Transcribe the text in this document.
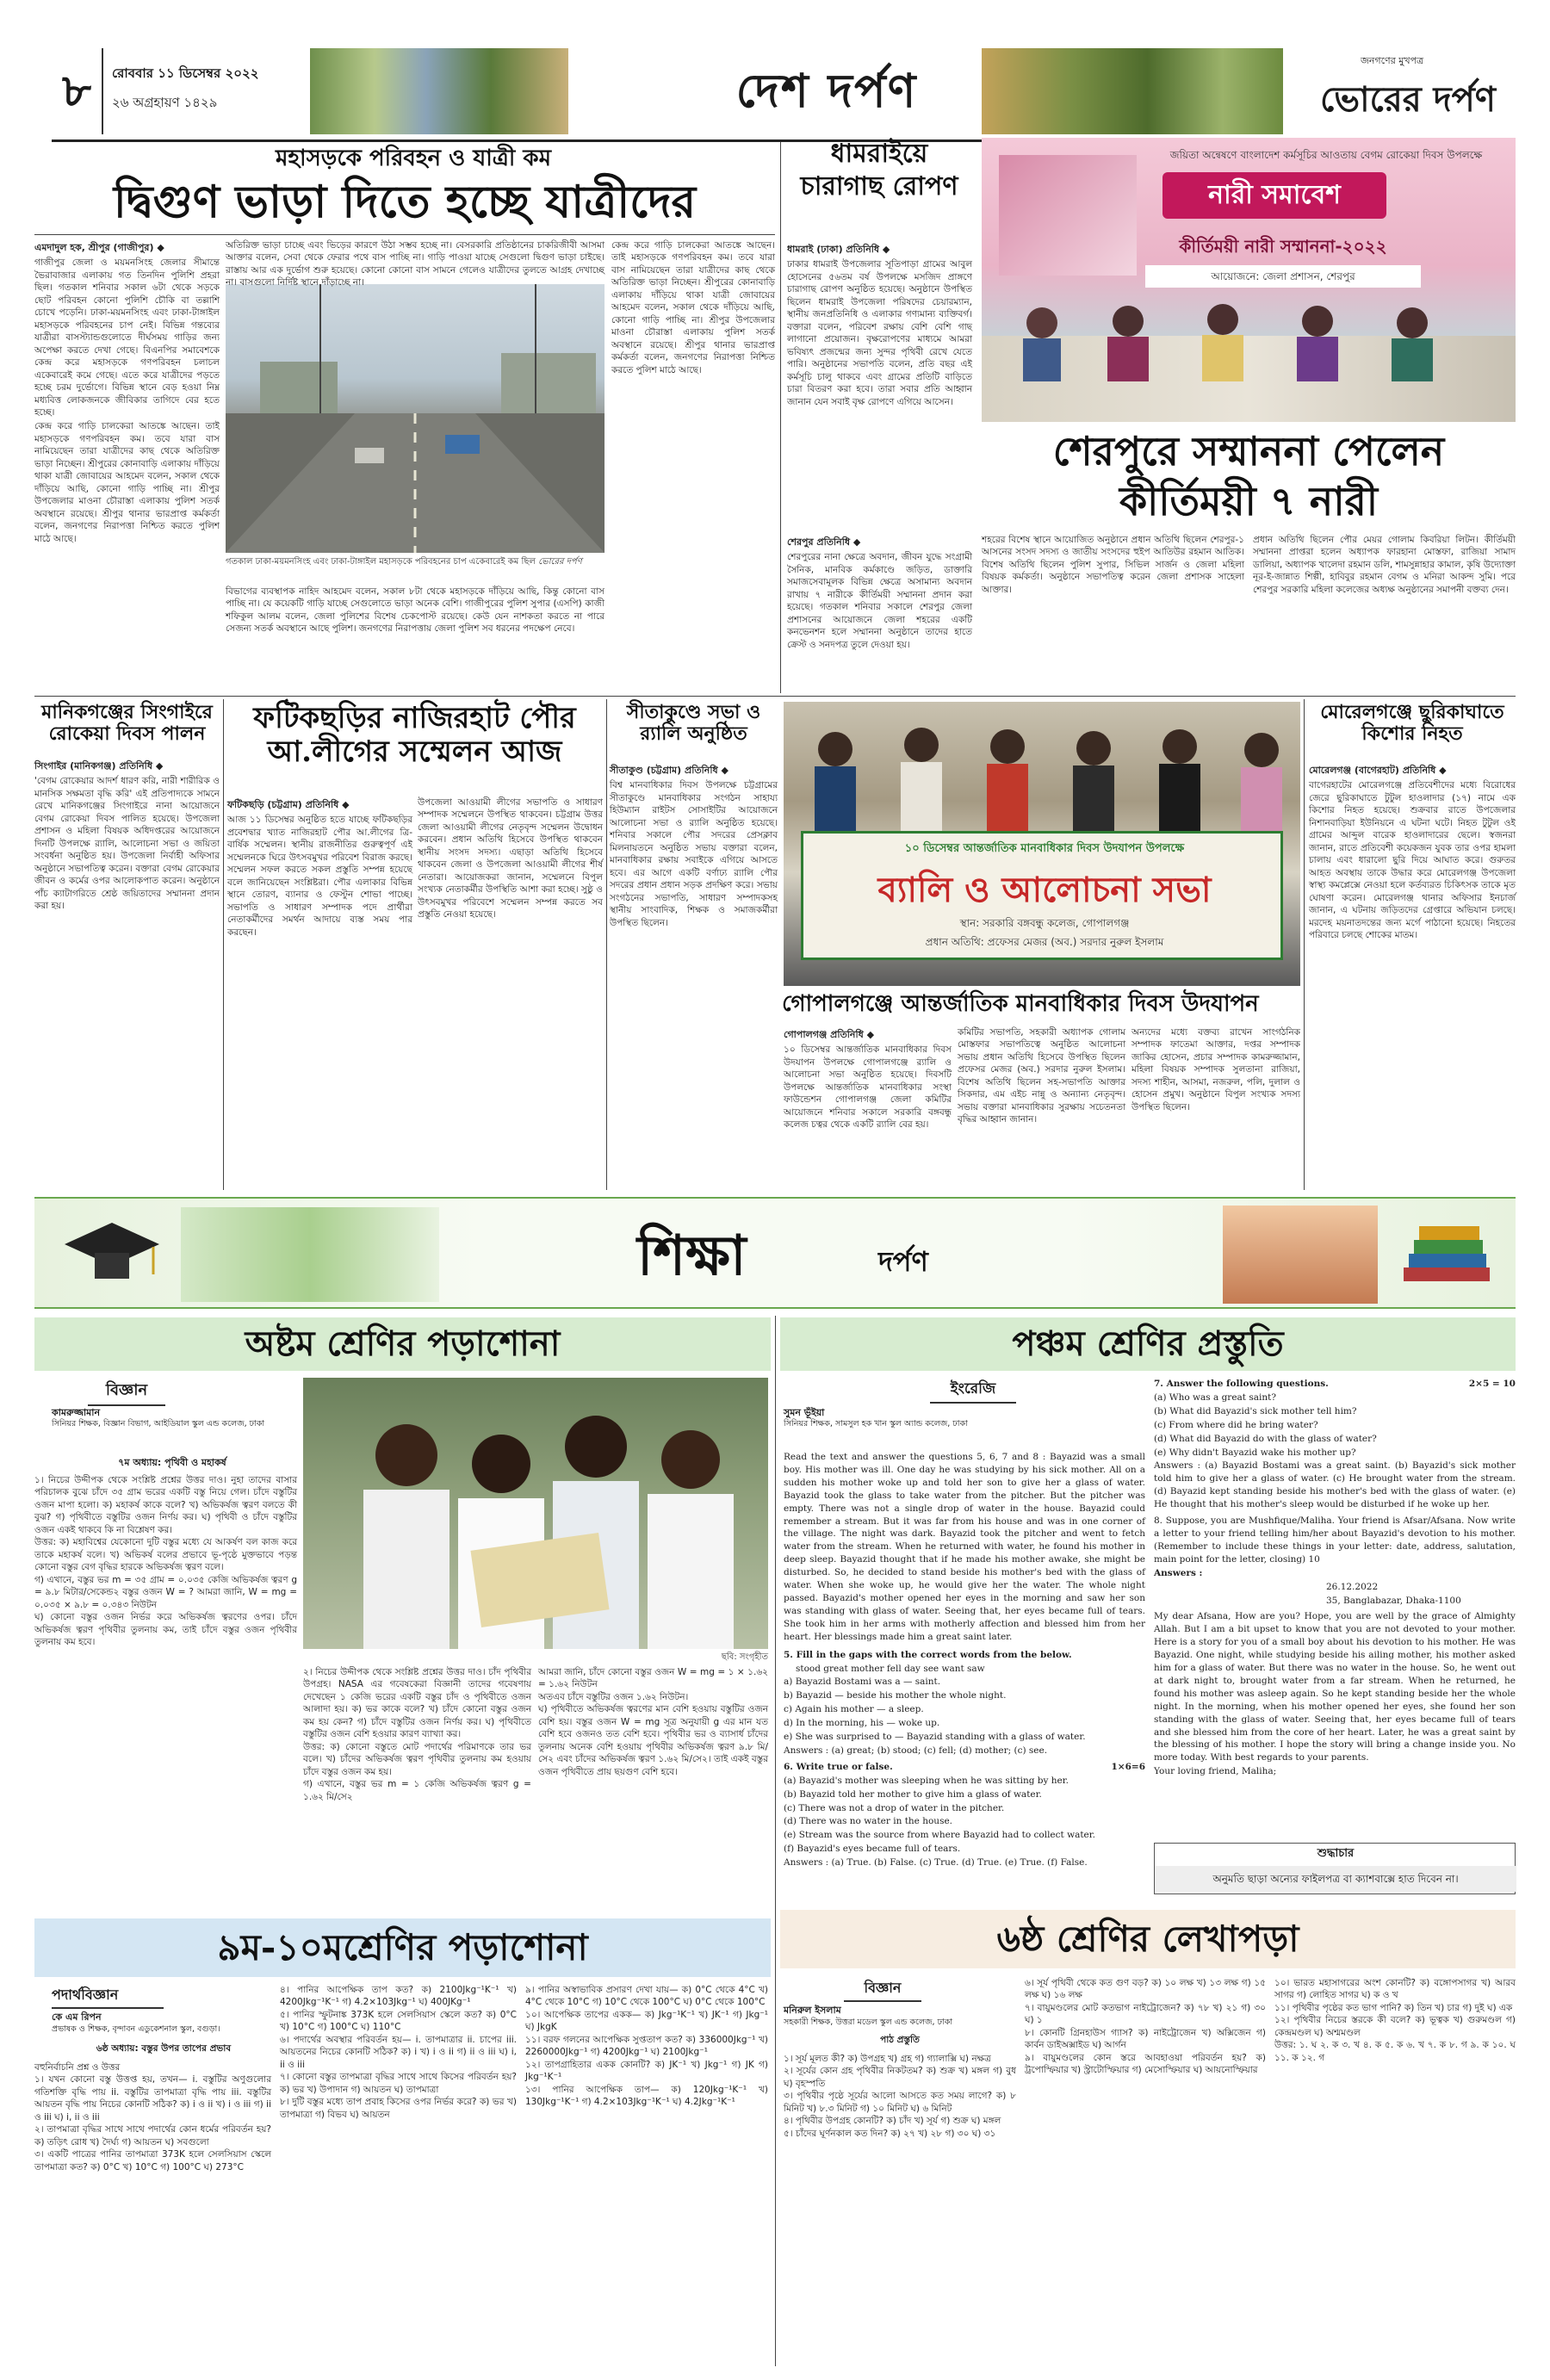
৮	রোববার ১১ ডিসেম্বর ২০২২
২৬ অগ্রহায়ণ ১৪২৯	দেশ দর্পণ
জনগণের মুখপত্র
ভোরের দর্পণ
মহাসড়কে পরিবহন ও যাত্রী কম
দ্বিগুণ ভাড়া দিতে হচ্ছে যাত্রীদের
এমদাদুল হক, শ্রীপুর (গাজীপুর) ◆

গাজীপুর জেলা ও ময়মনসিংহ জেলার সীমান্তে ভৈরাবাজার এলাকায় গত তিনদিন পুলিশি প্রহরা ছিল। গতকাল শনিবার সকাল ৬টা থেকে সড়কে ছোট পরিবহন কোনো পুলিশি চৌকি বা তল্লাশি চোখে পড়েনি। ঢাকা-ময়মনসিংহ এবং ঢাকা-টাঙ্গাইল মহাসড়কে পরিবহনের চাপ নেই। বিভিন্ন গন্তব্যের যাত্রীরা বাসস্ট্যান্ডগুলোতে দীর্ঘসময় গাড়ির জন্য অপেক্ষা করতে দেখা গেছে। বিএনপির সমাবেশকে কেন্দ্র করে মহাসড়কে গণপরিবহন চলাচল একেবারেই কমে গেছে। এতে করে যাত্রীদের পড়তে হচ্ছে চরম দুর্ভোগে। বিভিন্ন স্থানে বেড় হওয়া নিম্ন মধ্যবিত্ত লোকজনকে জীবিকার তাগিদে বের হতে হচ্ছে।

কেন্দ্র করে গাড়ি চালকেরা আতঙ্কে আছেন। তাই মহাসড়কে গণপরিবহন কম। তবে যারা বাস নামিয়েছেন তারা যাত্রীদের কাছ থেকে অতিরিক্ত ভাড়া নিচ্ছেন। শ্রীপুরের কোনাবাড়ি এলাকায় দাঁড়িয়ে থাকা যাত্রী জোবায়ের আহমেদ বলেন, সকাল থেকে দাঁড়িয়ে আছি, কোনো গাড়ি পাচ্ছি না। শ্রীপুর উপজেলার মাওনা চৌরাস্তা এলাকায় পুলিশ সতর্ক অবস্থানে রয়েছে। শ্রীপুর থানার ভারপ্রাপ্ত কর্মকর্তা বলেন, জনগণের নিরাপত্তা নিশ্চিত করতে পুলিশ মাঠে আছে।

গতকাল ঢাকা-ময়মনসিংহ এবং ঢাকা-টাঙ্গাইল মহাসড়কে পরিবহনের চাপ একেবারেই কম ছিল ভোরের দর্পণ
অতিরিক্ত ভাড়া চাচ্ছে এবং ভিড়ের কারণে উঠা সম্ভব হচ্ছে না। বেসরকারি প্রতিষ্ঠানের চাকরিজীবী আসমা আক্তার বলেন, সেবা থেকে ফেরার পথে বাস পাচ্ছি না। গাড়ি পাওয়া যাচ্ছে সেগুলো দ্বিগুণ ভাড়া চাইছে। রাস্তায় আর এক দুর্ভোগ শুরু হয়েছে। কোনো কোনো বাস সামনে গেলেও যাত্রীদের তুলতে আগ্রহ দেখাচ্ছে না। বাসগুলো নির্দিষ্ট স্থানে দাঁড়াচ্ছে না।
কেন্দ্র করে গাড়ি চালকেরা আতঙ্কে আছেন। তাই মহাসড়কে গণপরিবহন কম। তবে যারা বাস নামিয়েছেন তারা যাত্রীদের কাছ থেকে অতিরিক্ত ভাড়া নিচ্ছেন। শ্রীপুরের কোনাবাড়ি এলাকায় দাঁড়িয়ে থাকা যাত্রী জোবায়ের আহমেদ বলেন, সকাল থেকে দাঁড়িয়ে আছি, কোনো গাড়ি পাচ্ছি না। শ্রীপুর উপজেলার মাওনা চৌরাস্তা এলাকায় পুলিশ সতর্ক অবস্থানে রয়েছে। শ্রীপুর থানার ভারপ্রাপ্ত কর্মকর্তা বলেন, জনগণের নিরাপত্তা নিশ্চিত করতে পুলিশ মাঠে আছে।
বিভাগের ব্যবস্থাপক নাহিদ আহমেদ বলেন, সকাল ৮টা থেকে মহাসড়কে দাঁড়িয়ে আছি, কিন্তু কোনো বাস পাচ্ছি না। যে কয়েকটি গাড়ি যাচ্ছে সেগুলোতে ভাড়া অনেক বেশি। গাজীপুরের পুলিশ সুপার (এসপি) কাজী শফিকুল আলম বলেন, জেলা পুলিশের বিশেষ চেকপোস্ট রয়েছে। কেউ যেন নাশকতা করতে না পারে সেজন্য সতর্ক অবস্থানে আছে পুলিশ। জনগণের নিরাপত্তায় জেলা পুলিশ সব ধরনের পদক্ষেপ নেবে।
ধামরাইয়ে চারাগাছ রোপণ
ধামরাই (ঢাকা) প্রতিনিধি ◆

ঢাকার ধামরাই উপজেলার সূতিপাড়া গ্রামের আবুল হোসেনের ৫৬তম বর্ষ উপলক্ষে মসজিদ প্রাঙ্গণে চারাগাছ রোপণ অনুষ্ঠিত হয়েছে। অনুষ্ঠানে উপস্থিত ছিলেন ধামরাই উপজেলা পরিষদের চেয়ারম্যান, স্থানীয় জনপ্রতিনিধি ও এলাকার গণ্যমান্য ব্যক্তিবর্গ। বক্তারা বলেন, পরিবেশ রক্ষায় বেশি বেশি গাছ লাগানো প্রয়োজন। বৃক্ষরোপণের মাধ্যমে আমরা ভবিষ্যৎ প্রজন্মের জন্য সুন্দর পৃথিবী রেখে যেতে পারি। অনুষ্ঠানের সভাপতি বলেন, প্রতি বছর এই কর্মসূচি চালু থাকবে এবং গ্রামের প্রতিটি বাড়িতে চারা বিতরণ করা হবে। তারা সবার প্রতি আহ্বান জানান যেন সবাই বৃক্ষ রোপণে এগিয়ে আসেন।

জয়িতা অন্বেষণে বাংলাদেশ কর্মসূচির আওতায় বেগম রোকেয়া দিবস উপলক্ষে
নারী সমাবেশ
কীর্তিময়ী নারী সম্মাননা-২০২২
আয়োজনে: জেলা প্রশাসন, শেরপুর
শেরপুরে সম্মাননা পেলেন
কীর্তিময়ী ৭ নারী
শেরপুর প্রতিনিধি ◆

শেরপুরের নানা ক্ষেত্রে অবদান, জীবন যুদ্ধে সংগ্রামী সৈনিক, মানবিক কর্মকাণ্ডে জড়িত, ডাক্তারি সমাজসেবামূলক বিভিন্ন ক্ষেত্রে অসামান্য অবদান রাখায় ৭ নারীকে কীর্তিময়ী সম্মাননা প্রদান করা হয়েছে। গতকাল শনিবার সকালে শেরপুর জেলা প্রশাসনের আয়োজনে জেলা শহরের একটি কনভেনশন হলে সম্মাননা অনুষ্ঠানে তাদের হাতে ক্রেস্ট ও সনদপত্র তুলে দেওয়া হয়।

শহরের বিশেষ স্থানে আয়োজিত অনুষ্ঠানে প্রধান অতিথি ছিলেন শেরপুর-১ আসনের সংসদ সদস্য ও জাতীয় সংসদের হুইপ আতিউর রহমান আতিক। বিশেষ অতিথি ছিলেন পুলিশ সুপার, সিভিল সার্জন ও জেলা মহিলা বিষয়ক কর্মকর্তা। অনুষ্ঠানে সভাপতিত্ব করেন জেলা প্রশাসক সাহেলা আক্তার।
প্রধান অতিথি ছিলেন পৌর মেয়র গোলাম কিবরিয়া লিটন। কীর্তিময়ী সম্মাননা প্রাপ্তরা হলেন অধ্যাপক ফারহানা মোস্তফা, রাজিয়া সামাদ ডালিয়া, অধ্যাপক খালেদা রহমান ডলি, শামসুন্নাহার কামাল, কৃষি উদ্যোক্তা নূর-ই-জান্নাত শিল্পী, হাবিবুর রহমান বেগম ও মনিরা আকন্দ সুমি। পরে শেরপুর সরকারি মহিলা কলেজের অধ্যক্ষ অনুষ্ঠানের সমাপনী বক্তব্য দেন।
মানিকগঞ্জের সিংগাইরে রোকেয়া দিবস পালন
সিংগাইর (মানিকগঞ্জ) প্রতিনিধি ◆

'বেগম রোকেয়ার আদর্শ ধারণ করি, নারী শারীরিক ও মানসিক সক্ষমতা বৃদ্ধি করি' এই প্রতিপাদ্যকে সামনে রেখে মানিকগঞ্জের সিংগাইরে নানা আয়োজনে বেগম রোকেয়া দিবস পালিত হয়েছে। উপজেলা প্রশাসন ও মহিলা বিষয়ক অধিদপ্তরের আয়োজনে দিনটি উপলক্ষে র‌্যালি, আলোচনা সভা ও জয়িতা সংবর্ধনা অনুষ্ঠিত হয়। উপজেলা নির্বাহী অফিসার অনুষ্ঠানে সভাপতিত্ব করেন। বক্তারা বেগম রোকেয়ার জীবন ও কর্মের ওপর আলোকপাত করেন। অনুষ্ঠানে পাঁচ ক্যাটাগরিতে শ্রেষ্ঠ জয়িতাদের সম্মাননা প্রদান করা হয়।

ফটিকছড়ির নাজিরহাট পৌর আ.লীগের সম্মেলন আজ
ফটিকছড়ি (চট্টগ্রাম) প্রতিনিধি ◆

আজ ১১ ডিসেম্বর অনুষ্ঠিত হতে যাচ্ছে ফটিকছড়ির প্রবেশদ্বার খ্যাত নাজিরহাট পৌর আ.লীগের ত্রি-বার্ষিক সম্মেলন। স্থানীয় রাজনীতির গুরুত্বপূর্ণ এই সম্মেলনকে ঘিরে উৎসবমুখর পরিবেশ বিরাজ করছে। সম্মেলন সফল করতে সকল প্রস্তুতি সম্পন্ন হয়েছে বলে জানিয়েছেন সংশ্লিষ্টরা। পৌর এলাকার বিভিন্ন স্থানে তোরণ, ব্যানার ও ফেস্টুন শোভা পাচ্ছে। সভাপতি ও সাধারণ সম্পাদক পদে প্রার্থীরা নেতাকর্মীদের সমর্থন আদায়ে ব্যস্ত সময় পার করছেন।

উপজেলা আওয়ামী লীগের সভাপতি ও সাধারণ সম্পাদক সম্মেলনে উপস্থিত থাকবেন। চট্টগ্রাম উত্তর জেলা আওয়ামী লীগের নেতৃবৃন্দ সম্মেলন উদ্বোধন করবেন। প্রধান অতিথি হিসেবে উপস্থিত থাকবেন স্থানীয় সংসদ সদস্য। এছাড়া অতিথি হিসেবে থাকবেন জেলা ও উপজেলা আওয়ামী লীগের শীর্ষ নেতারা। আয়োজকরা জানান, সম্মেলনে বিপুল সংখ্যক নেতাকর্মীর উপস্থিতি আশা করা হচ্ছে। সুষ্ঠু ও উৎসবমুখর পরিবেশে সম্মেলন সম্পন্ন করতে সব প্রস্তুতি নেওয়া হয়েছে।
সীতাকুণ্ডে সভা ও র‌্যালি অনুষ্ঠিত
সীতাকুণ্ড (চট্টগ্রাম) প্রতিনিধি ◆

বিশ্ব মানবাধিকার দিবস উপলক্ষে চট্টগ্রামের সীতাকুণ্ডে মানবাধিকার সংগঠন সাহায্য হিউম্যান রাইটস সোসাইটির আয়োজনে আলোচনা সভা ও র‌্যালি অনুষ্ঠিত হয়েছে। শনিবার সকালে পৌর সদরের প্রেসক্লাব মিলনায়তনে অনুষ্ঠিত সভায় বক্তারা বলেন, মানবাধিকার রক্ষায় সবাইকে এগিয়ে আসতে হবে। এর আগে একটি বর্ণাঢ্য র‌্যালি পৌর সদরের প্রধান প্রধান সড়ক প্রদক্ষিণ করে। সভায় সংগঠনের সভাপতি, সাধারণ সম্পাদকসহ স্থানীয় সাংবাদিক, শিক্ষক ও সমাজকর্মীরা উপস্থিত ছিলেন।

১০ ডিসেম্বর আন্তর্জাতিক মানবাধিকার দিবস উদযাপন উপলক্ষে
ব্যালি ও আলোচনা সভা
স্থান: সরকারি বঙ্গবন্ধু কলেজ, গোপালগঞ্জ
প্রধান অতিথি: প্রফেসর মেজর (অব.) সরদার নুরুল ইসলাম
মোরেলগঞ্জে ছুরিকাঘাতে কিশোর নিহত
মোরেলগঞ্জ (বাগেরহাট) প্রতিনিধি ◆

বাগেরহাটের মোরেলগঞ্জে প্রতিবেশীদের মধ্যে বিরোধের জেরে ছুরিকাঘাতে টুটুল হাওলাদার (১৭) নামে এক কিশোর নিহত হয়েছে। শুক্রবার রাতে উপজেলার নিশানবাড়িয়া ইউনিয়নে এ ঘটনা ঘটে। নিহত টুটুল ওই গ্রামের আব্দুল বারেক হাওলাদারের ছেলে। স্বজনরা জানান, রাতে প্রতিবেশী কয়েকজন যুবক তার ওপর হামলা চালায় এবং ধারালো ছুরি দিয়ে আঘাত করে। গুরুতর আহত অবস্থায় তাকে উদ্ধার করে মোরেলগঞ্জ উপজেলা স্বাস্থ্য কমপ্লেক্সে নেওয়া হলে কর্তব্যরত চিকিৎসক তাকে মৃত ঘোষণা করেন। মোরেলগঞ্জ থানার অফিসার ইনচার্জ জানান, এ ঘটনায় জড়িতদের গ্রেপ্তারে অভিযান চলছে। মরদেহ ময়নাতদন্তের জন্য মর্গে পাঠানো হয়েছে। নিহতের পরিবারে চলছে শোকের মাতম।

গোপালগঞ্জে আন্তর্জাতিক মানবাধিকার দিবস উদযাপন
গোপালগঞ্জ প্রতিনিধি ◆

১০ ডিসেম্বর আন্তর্জাতিক মানবাধিকার দিবস উদযাপন উপলক্ষে গোপালগঞ্জে র‌্যালি ও আলোচনা সভা অনুষ্ঠিত হয়েছে। দিবসটি উপলক্ষে আন্তর্জাতিক মানবাধিকার সংস্থা ফাউন্ডেশন গোপালগঞ্জ জেলা কমিটির আয়োজনে শনিবার সকালে সরকারি বঙ্গবন্ধু কলেজ চত্বর থেকে একটি র‌্যালি বের হয়।

কমিটির সভাপতি, সহকারী অধ্যাপক গোলাম মোস্তফার সভাপতিত্বে অনুষ্ঠিত আলোচনা সভায় প্রধান অতিথি হিসেবে উপস্থিত ছিলেন প্রফেসর মেজর (অব.) সরদার নুরুল ইসলাম। বিশেষ অতিথি ছিলেন সহ-সভাপতি আক্তার সিকদার, এম এইচ নান্নু ও অন্যান্য নেতৃবৃন্দ। সভায় বক্তারা মানবাধিকার সুরক্ষায় সচেতনতা বৃদ্ধির আহ্বান জানান।
অন্যদের মধ্যে বক্তব্য রাখেন সাংগঠনিক সম্পাদক ফাতেমা আক্তার, দপ্তর সম্পাদক জাকির হোসেন, প্রচার সম্পাদক কামরুজ্জামান, মহিলা বিষয়ক সম্পাদক সুলতানা রাজিয়া, সদস্য শাহীন, আসমা, নজরুল, পলি, দুলাল ও হোসেন প্রমুখ। অনুষ্ঠানে বিপুল সংখ্যক সদস্য উপস্থিত ছিলেন।
শিক্ষা	দর্পণ
অষ্টম শ্রেণির পড়াশোনা
বিজ্ঞান
কামরুজ্জামান
সিনিয়র শিক্ষক, বিজ্ঞান বিভাগ, আইডিয়াল স্কুল এন্ড কলেজ, ঢাকা
৭ম অধ্যায়: পৃথিবী ও মহাকর্ষ
১। নিচের উদ্দীপক থেকে সংশ্লিষ্ট প্রশ্নের উত্তর দাও। নুহা তাদের বাসার পরিচালক বুঝে চাঁদে ৩৫ গ্রাম ভরের একটি বস্তু নিয়ে গেল। চাঁদে বস্তুটির ওজন মাপা হলো। ক) মহাকর্ষ কাকে বলে? খ) অভিকর্ষজ ত্বরণ বলতে কী বুঝ? গ) পৃথিবীতে বস্তুটির ওজন নির্ণয় কর। ঘ) পৃথিবী ও চাঁদে বস্তুটির ওজন একই থাকবে কি না বিশ্লেষণ কর।
উত্তর: ক) মহাবিশ্বের যেকোনো দুটি বস্তুর মধ্যে যে আকর্ষণ বল কাজ করে তাকে মহাকর্ষ বলে। খ) অভিকর্ষ বলের প্রভাবে ভূ-পৃষ্ঠে মুক্তভাবে পড়ন্ত কোনো বস্তুর বেগ বৃদ্ধির হারকে অভিকর্ষজ ত্বরণ বলে।
গ) এখানে, বস্তুর ভর m = ৩৫ গ্রাম = ০.০৩৫ কেজি অভিকর্ষজ ত্বরণ g = ৯.৮ মিটার/সেকেন্ড২ বস্তুর ওজন W = ? আমরা জানি, W = mg = ০.০৩৫ × ৯.৮ = ০.৩৪৩ নিউটন
ঘ) কোনো বস্তুর ওজন নির্ভর করে অভিকর্ষজ ত্বরণের ওপর। চাঁদে অভিকর্ষজ ত্বরণ পৃথিবীর তুলনায় কম, তাই চাঁদে বস্তুর ওজন পৃথিবীর তুলনায় কম হবে।
ছবি: সংগৃহীত
২। নিচের উদ্দীপক থেকে সংশ্লিষ্ট প্রশ্নের উত্তর দাও। চাঁদ পৃথিবীর উপগ্রহ। NASA এর গবেষকেরা বিজ্ঞানী তাদের গবেষণায় দেখেছেন ১ কেজি ভরের একটি বস্তুর চাঁদ ও পৃথিবীতে ওজন আলাদা হয়। ক) ভর কাকে বলে? খ) চাঁদে কোনো বস্তুর ওজন কম হয় কেন? গ) চাঁদে বস্তুটির ওজন নির্ণয় কর। ঘ) পৃথিবীতে বস্তুটির ওজন বেশি হওয়ার কারণ ব্যাখ্যা কর।
উত্তর: ক) কোনো বস্তুতে মোট পদার্থের পরিমাণকে তার ভর বলে। খ) চাঁদের অভিকর্ষজ ত্বরণ পৃথিবীর তুলনায় কম হওয়ায় চাঁদে বস্তুর ওজন কম হয়।
গ) এখানে, বস্তুর ভর m = ১ কেজি অভিকর্ষজ ত্বরণ g = ১.৬২ মি/সে২
আমরা জানি, চাঁদে কোনো বস্তুর ওজন W = mg = ১ × ১.৬২ = ১.৬২ নিউটন
অতএব চাঁদে বস্তুটির ওজন ১.৬২ নিউটন।
ঘ) পৃথিবীতে অভিকর্ষজ ত্বরণের মান বেশি হওয়ায় বস্তুটির ওজন বেশি হয়। বস্তুর ওজন W = mg সূত্র অনুযায়ী g এর মান যত বেশি হবে ওজনও তত বেশি হবে। পৃথিবীর ভর ও ব্যাসার্ধ চাঁদের তুলনায় অনেক বেশি হওয়ায় পৃথিবীর অভিকর্ষজ ত্বরণ ৯.৮ মি/সে২ এবং চাঁদের অভিকর্ষজ ত্বরণ ১.৬২ মি/সে২। তাই একই বস্তুর ওজন পৃথিবীতে প্রায় ছয়গুণ বেশি হবে।
পঞ্চম শ্রেণির প্রস্তুতি
ইংরেজি
সুমন ভূঁইয়া
সিনিয়র শিক্ষক, সামসুল হক খান স্কুল অ্যান্ড কলেজ, ঢাকা
Read the text and answer the questions 5, 6, 7 and 8 : Bayazid was a small boy. His mother was ill. One day he was studying by his sick mother. All on a sudden his mother woke up and told her son to give her a glass of water. Bayazid took the glass to take water from the pitcher. But the pitcher was empty. There was not a single drop of water in the house. Bayazid could remember a stream. But it was far from his house and was in one corner of the village. The night was dark. Bayazid took the pitcher and went to fetch water from the stream. When he returned with water, he found his mother in deep sleep. Bayazid thought that if he made his mother awake, she might be disturbed. So, he decided to stand beside his mother's bed with the glass of water. When she woke up, he would give her the water. The whole night passed. Bayazid's mother opened her eyes in the morning and saw her son was standing with glass of water. Seeing that, her eyes became full of tears. She took him in her arms with motherly affection and blessed him from her heart. Her blessings made him a great saint later.
5. Fill in the gaps with the correct words from the below.
stood great mother fell day see want saw
a) Bayazid Bostami was a — saint.
b) Bayazid — beside his mother the whole night.
c) Again his mother — a sleep.
d) In the morning, his — woke up.
e) She was surprised to — Bayazid standing with a glass of water.
Answers : (a) great; (b) stood; (c) fell; (d) mother; (c) see.
6. Write true or false.	1×6=6
(a) Bayazid's mother was sleeping when he was sitting by her.
(b) Bayazid told her mother to give him a glass of water.
(c) There was not a drop of water in the pitcher.
(d) There was no water in the house.
(e) Stream was the source from where Bayazid had to collect water.
(f) Bayazid's eyes became full of tears.
Answers : (a) True. (b) False. (c) True. (d) True. (e) True. (f) False.
7. Answer the following questions.	2×5 = 10
(a) Who was a great saint?
(b) What did Bayazid's sick mother tell him?
(c) From where did he bring water?
(d) What did Bayazid do with the glass of water?
(e) Why didn't Bayazid wake his mother up?
Answers : (a) Bayazid Bostami was a great saint. (b) Bayazid's sick mother told him to give her a glass of water. (c) He brought water from the stream. (d) Bayazid kept standing beside his mother's bed with the glass of water. (e) He thought that his mother's sleep would be disturbed if he woke up her.
8. Suppose, you are Mushfique/Maliha. Your friend is Afsar/Afsana. Now write a letter to your friend telling him/her about Bayazid's devotion to his mother. (Remember to include these things in your letter: date, address, salutation, main point for the letter, closing) 10
Answers :
26.12.2022
35, Banglabazar, Dhaka-1100
My dear Afsana, How are you? Hope, you are well by the grace of Almighty Allah. But I am a bit upset to know that you are not devoted to your mother. Here is a story for you of a small boy about his devotion to his mother. He was Bayazid. One night, while studying beside his ailing mother, his mother asked him for a glass of water. But there was no water in the house. So, he went out at dark night to, brought water from a far stream. When he returned, he found his mother was asleep again. So he kept standing beside her the whole night. In the morning, when his mother opened her eyes, she found her son standing with the glass of water. Seeing that, her eyes became full of tears and she blessed him from the core of her heart. Later, he was a great saint by the blessing of his mother. I hope the story will bring a change inside you. No more today. With best regards to your parents.
Your loving friend, Maliha;
শুদ্ধাচার
অনুমতি ছাড়া অন্যের ফাইলপত্র বা ক্যাশবাক্সে হাত দিবেন না।
৯ম-১০মশ্রেণির পড়াশোনা
পদার্থবিজ্ঞান
কে এম রিপন
প্রভাষক ও শিক্ষক, বৃন্দাবন এডুকেশনাল স্কুল, বগুড়া।
৬ষ্ঠ অধ্যায়: বস্তুর উপর তাপের প্রভাব
বহুনির্বাচনি প্রশ্ন ও উত্তর
১। যখন কোনো বস্তু উত্তপ্ত হয়, তখন— i. বস্তুটির অণুগুলোর গতিশক্তি বৃদ্ধি পায় ii. বস্তুটির তাপমাত্রা বৃদ্ধি পায় iii. বস্তুটির আয়তন বৃদ্ধি পায় নিচের কোনটি সঠিক? ক) i ও ii খ) i ও iii গ) ii ও iii ঘ) i, ii ও iii
২। তাপমাত্রা বৃদ্ধির সাথে সাথে পদার্থের কোন ধর্মের পরিবর্তন হয়? ক) তড়িৎ রোধ খ) দৈর্ঘ্য গ) আয়তন ঘ) সবগুলো
৩। একটি পাত্রের পানির তাপমাত্রা 373K হলে সেলসিয়াস স্কেলে তাপমাত্রা কত? ক) 0°C খ) 10°C গ) 100°C ঘ) 273°C
৪। পানির আপেক্ষিক তাপ কত? ক) 2100Jkg⁻¹K⁻¹ খ) 4200Jkg⁻¹K⁻¹ গ) 4.2×103Jkg⁻¹ ঘ) 400JKg⁻¹
৫। পানির স্ফুটনাঙ্ক 373K হলে সেলসিয়াস স্কেলে কত? ক) 0°C খ) 10°C গ) 100°C ঘ) 110°C
৬। পদার্থের অবস্থার পরিবর্তন হয়— i. তাপমাত্রার ii. চাপের iii. আয়তনের নিচের কোনটি সঠিক? ক) i খ) i ও ii গ) ii ও iii ঘ) i, ii ও iii
৭। কোনো বস্তুর তাপমাত্রা বৃদ্ধির সাথে সাথে কিসের পরিবর্তন হয়? ক) ভর খ) উপাদান গ) আয়তন ঘ) তাপমাত্রা
৮। দুটি বস্তুর মধ্যে তাপ প্রবাহ কিসের ওপর নির্ভর করে? ক) ভর খ) তাপমাত্রা গ) বিভব ঘ) আয়তন
৯। পানির অস্বাভাবিক প্রসারণ দেখা যায়— ক) 0°C থেকে 4°C খ) 4°C থেকে 10°C গ) 10°C থেকে 100°C ঘ) 0°C থেকে 100°C
১০। আপেক্ষিক তাপের একক— ক) Jkg⁻¹K⁻¹ খ) JK⁻¹ গ) Jkg⁻¹ ঘ) JkgK
১১। বরফ গলনের আপেক্ষিক সুপ্ততাপ কত? ক) 336000Jkg⁻¹ খ) 2260000Jkg⁻¹ গ) 4200Jkg⁻¹ ঘ) 2100Jkg⁻¹
১২। তাপগ্রাহিতার একক কোনটি? ক) JK⁻¹ খ) Jkg⁻¹ গ) JK গ) Jkg⁻¹K⁻¹
১৩। পানির আপেক্ষিক তাপ— ক) 120Jkg⁻¹K⁻¹ খ) 130Jkg⁻¹K⁻¹ গ) 4.2×103Jkg⁻¹K⁻¹ ঘ) 4.2Jkg⁻¹K⁻¹
৬ষ্ঠ শ্রেণির লেখাপড়া
বিজ্ঞান
মনিরুল ইসলাম
সহকারী শিক্ষক, উত্তরা মডেল স্কুল এন্ড কলেজ, ঢাকা
পাঠ প্রস্তুতি
১। সূর্য মূলত কী? ক) উপগ্রহ খ) গ্রহ গ) গ্যালাক্সি ঘ) নক্ষত্র
২। সূর্যের কোন গ্রহ পৃথিবীর নিকটতম? ক) শুক্র খ) মঙ্গল গ) বুধ ঘ) বৃহস্পতি
৩। পৃথিবীর পৃষ্ঠে সূর্যের আলো আসতে কত সময় লাগে? ক) ৮ মিনিট খ) ৮.৩ মিনিট গ) ১০ মিনিট ঘ) ৬ মিনিট
৪। পৃথিবীর উপগ্রহ কোনটি? ক) চাঁদ খ) সূর্য গ) শুক্র ঘ) মঙ্গল
৫। চাঁদের ঘূর্ণনকাল কত দিন? ক) ২৭ খ) ২৮ গ) ৩০ ঘ) ৩১
৬। সূর্য পৃথিবী থেকে কত গুণ বড়? ক) ১০ লক্ষ খ) ১৩ লক্ষ গ) ১৫ লক্ষ ঘ) ১৬ লক্ষ
৭। বায়ুমণ্ডলের মোট কতভাগ নাইট্রোজেন? ক) ৭৮ খ) ২১ গ) ৩০ ঘ) ১
৮। কোনটি গ্রিনহাউস গ্যাস? ক) নাইট্রোজেন খ) অক্সিজেন গ) কার্বন ডাইঅক্সাইড ঘ) আর্গন
৯। বায়ুমণ্ডলের কোন স্তরে আবহাওয়া পরিবর্তন হয়? ক) ট্রপোস্ফিয়ার খ) স্ট্রাটোস্ফিয়ার গ) মেসোস্ফিয়ার ঘ) আয়নোস্ফিয়ার
১০। ভারত মহাসাগরের অংশ কোনটি? ক) বঙ্গোপসাগর খ) আরব সাগর গ) লোহিত সাগর ঘ) ক ও খ
১১। পৃথিবীর পৃষ্ঠের কত ভাগ পানি? ক) তিন খ) চার গ) দুই ঘ) এক
১২। পৃথিবীর নিচের স্তরকে কী বলে? ক) ভূত্বক খ) গুরুমণ্ডল গ) কেন্দ্রমণ্ডল ঘ) অশ্মমণ্ডল
উত্তর: ১. ঘ ২. ক ৩. খ ৪. ক ৫. ক ৬. খ ৭. ক ৮. গ ৯. ক ১০. ঘ ১১. ক ১২. গ
